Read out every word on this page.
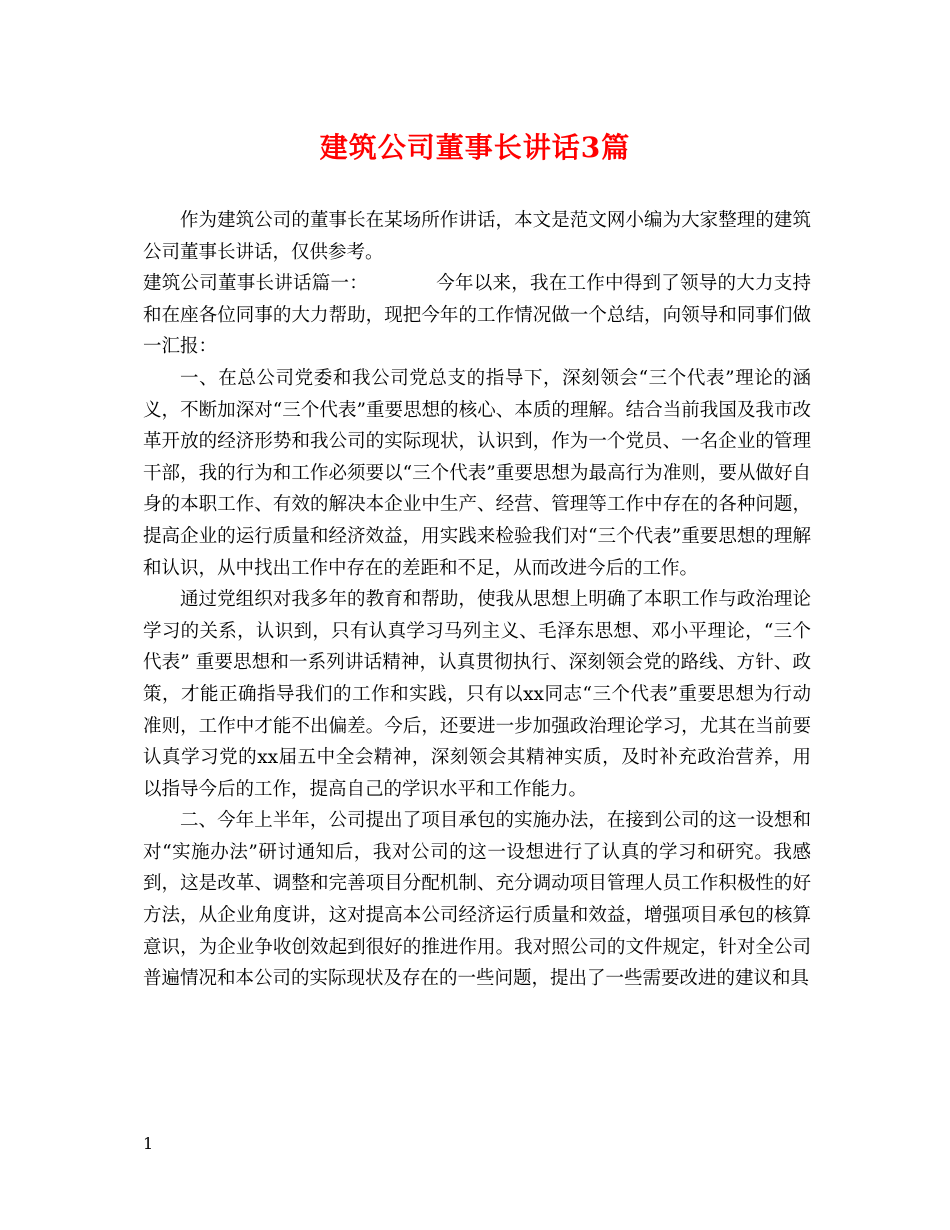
建筑公司董事长讲话3篇

作为建筑公司的董事长在某场所作讲话，本文是范文网小编为大家整理的建筑公司董事长讲话，仅供参考。

建筑公司董事长讲话篇一：	今年以来，我在工作中得到了领导的大力支持和在座各位同事的大力帮助，现把今年的工作情况做一个总结，向领导和同事们做一汇报：

一、在总公司党委和我公司党总支的指导下，深刻领会“三个代表”理论的涵义，不断加深对“三个代表”重要思想的核心、本质的理解。结合当前我国及我市改革开放的经济形势和我公司的实际现状，认识到，作为一个党员、一名企业的管理干部，我的行为和工作必须要以“三个代表”重要思想为最高行为准则，要从做好自身的本职工作、有效的解决本企业中生产、经营、管理等工作中存在的各种问题，提高企业的运行质量和经济效益，用实践来检验我们对“三个代表”重要思想的理解和认识，从中找出工作中存在的差距和不足，从而改进今后的工作。

通过党组织对我多年的教育和帮助，使我从思想上明确了本职工作与政治理论学习的关系，认识到，只有认真学习马列主义、毛泽东思想、邓小平理论，“三个代表” 重要思想和一系列讲话精神，认真贯彻执行、深刻领会党的路线、方针、政策，才能正确指导我们的工作和实践，只有以xx同志“三个代表”重要思想为行动准则，工作中才能不出偏差。今后，还要进一步加强政治理论学习，尤其在当前要认真学习党的xx届五中全会精神，深刻领会其精神实质，及时补充政治营养，用以指导今后的工作，提高自己的学识水平和工作能力。

二、今年上半年，公司提出了项目承包的实施办法，在接到公司的这一设想和对“实施办法”研讨通知后，我对公司的这一设想进行了认真的学习和研究。我感到，这是改革、调整和完善项目分配机制、充分调动项目管理人员工作积极性的好方法，从企业角度讲，这对提高本公司经济运行质量和效益，增强项目承包的核算意识，为企业争收创效起到很好的推进作用。我对照公司的文件规定，针对全公司普遍情况和本公司的实际现状及存在的一些问题，提出了一些需要改进的建议和具

1
